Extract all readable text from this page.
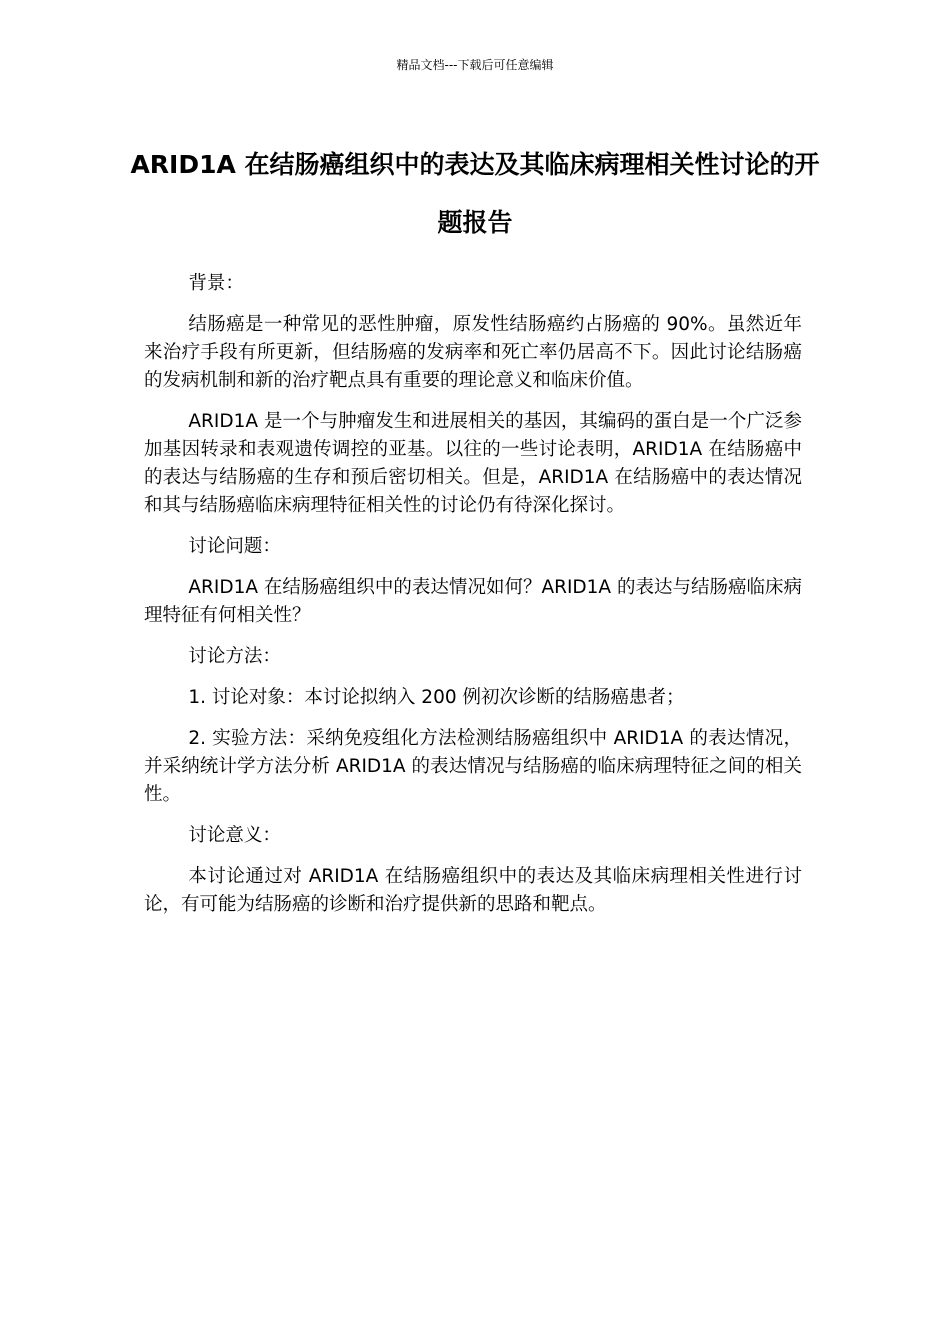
精品文档---下载后可任意编辑
ARID1A 在结肠癌组织中的表达及其临床病理相关性讨论的开题报告

背景：

结肠癌是一种常见的恶性肿瘤，原发性结肠癌约占肠癌的 90%。虽然近年来治疗手段有所更新，但结肠癌的发病率和死亡率仍居高不下。因此讨论结肠癌的发病机制和新的治疗靶点具有重要的理论意义和临床价值。

ARID1A 是一个与肿瘤发生和进展相关的基因，其编码的蛋白是一个广泛参加基因转录和表观遗传调控的亚基。以往的一些讨论表明，ARID1A 在结肠癌中的表达与结肠癌的生存和预后密切相关。但是，ARID1A 在结肠癌中的表达情况和其与结肠癌临床病理特征相关性的讨论仍有待深化探讨。

讨论问题：

ARID1A 在结肠癌组织中的表达情况如何？ARID1A 的表达与结肠癌临床病理特征有何相关性？

讨论方法：

1. 讨论对象：本讨论拟纳入 200 例初次诊断的结肠癌患者；

2. 实验方法：采纳免疫组化方法检测结肠癌组织中 ARID1A 的表达情况，并采纳统计学方法分析 ARID1A 的表达情况与结肠癌的临床病理特征之间的相关性。

讨论意义：

本讨论通过对 ARID1A 在结肠癌组织中的表达及其临床病理相关性进行讨论，有可能为结肠癌的诊断和治疗提供新的思路和靶点。
